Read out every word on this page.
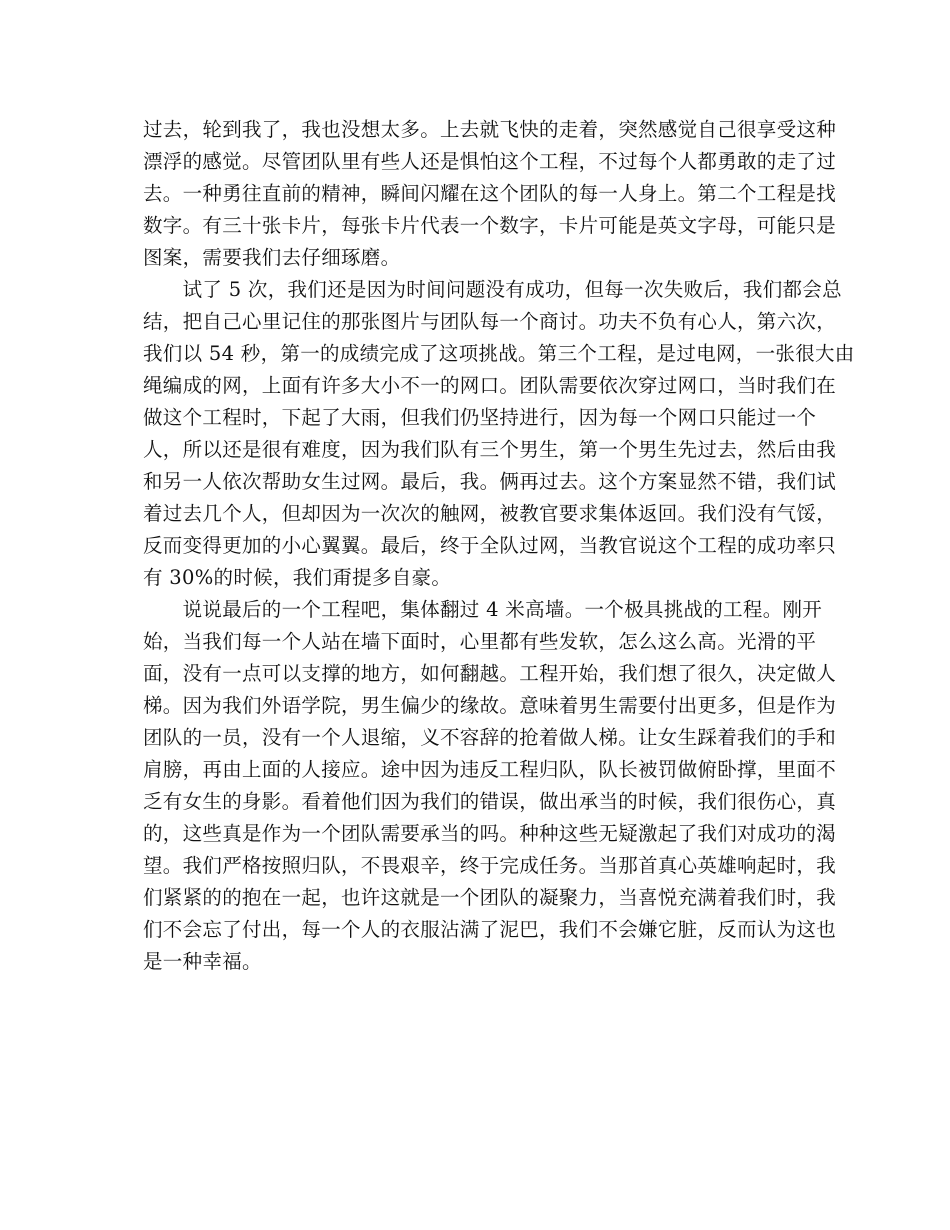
过去，轮到我了，我也没想太多。上去就飞快的走着，突然感觉自己很享受这种
漂浮的感觉。尽管团队里有些人还是惧怕这个工程，不过每个人都勇敢的走了过
去。一种勇往直前的精神，瞬间闪耀在这个团队的每一人身上。第二个工程是找
数字。有三十张卡片，每张卡片代表一个数字，卡片可能是英文字母，可能只是
图案，需要我们去仔细琢磨。
　　试了 5 次，我们还是因为时间问题没有成功，但每一次失败后，我们都会总
结，把自己心里记住的那张图片与团队每一个商讨。功夫不负有心人，第六次，
我们以 54 秒，第一的成绩完成了这项挑战。第三个工程，是过电网，一张很大由
绳编成的网，上面有许多大小不一的网口。团队需要依次穿过网口，当时我们在
做这个工程时，下起了大雨，但我们仍坚持进行，因为每一个网口只能过一个
人，所以还是很有难度，因为我们队有三个男生，第一个男生先过去，然后由我
和另一人依次帮助女生过网。最后，我。俩再过去。这个方案显然不错，我们试
着过去几个人，但却因为一次次的触网，被教官要求集体返回。我们没有气馁，
反而变得更加的小心翼翼。最后，终于全队过网，当教官说这个工程的成功率只
有 30%的时候，我们甭提多自豪。
　　说说最后的一个工程吧，集体翻过 4 米高墙。一个极具挑战的工程。刚开
始，当我们每一个人站在墙下面时，心里都有些发软，怎么这么高。光滑的平
面，没有一点可以支撑的地方，如何翻越。工程开始，我们想了很久，决定做人
梯。因为我们外语学院，男生偏少的缘故。意味着男生需要付出更多，但是作为
团队的一员，没有一个人退缩，义不容辞的抢着做人梯。让女生踩着我们的手和
肩膀，再由上面的人接应。途中因为违反工程归队，队长被罚做俯卧撑，里面不
乏有女生的身影。看着他们因为我们的错误，做出承当的时候，我们很伤心，真
的，这些真是作为一个团队需要承当的吗。种种这些无疑激起了我们对成功的渴
望。我们严格按照归队，不畏艰辛，终于完成任务。当那首真心英雄响起时，我
们紧紧的的抱在一起，也许这就是一个团队的凝聚力，当喜悦充满着我们时，我
们不会忘了付出，每一个人的衣服沾满了泥巴，我们不会嫌它脏，反而认为这也
是一种幸福。
